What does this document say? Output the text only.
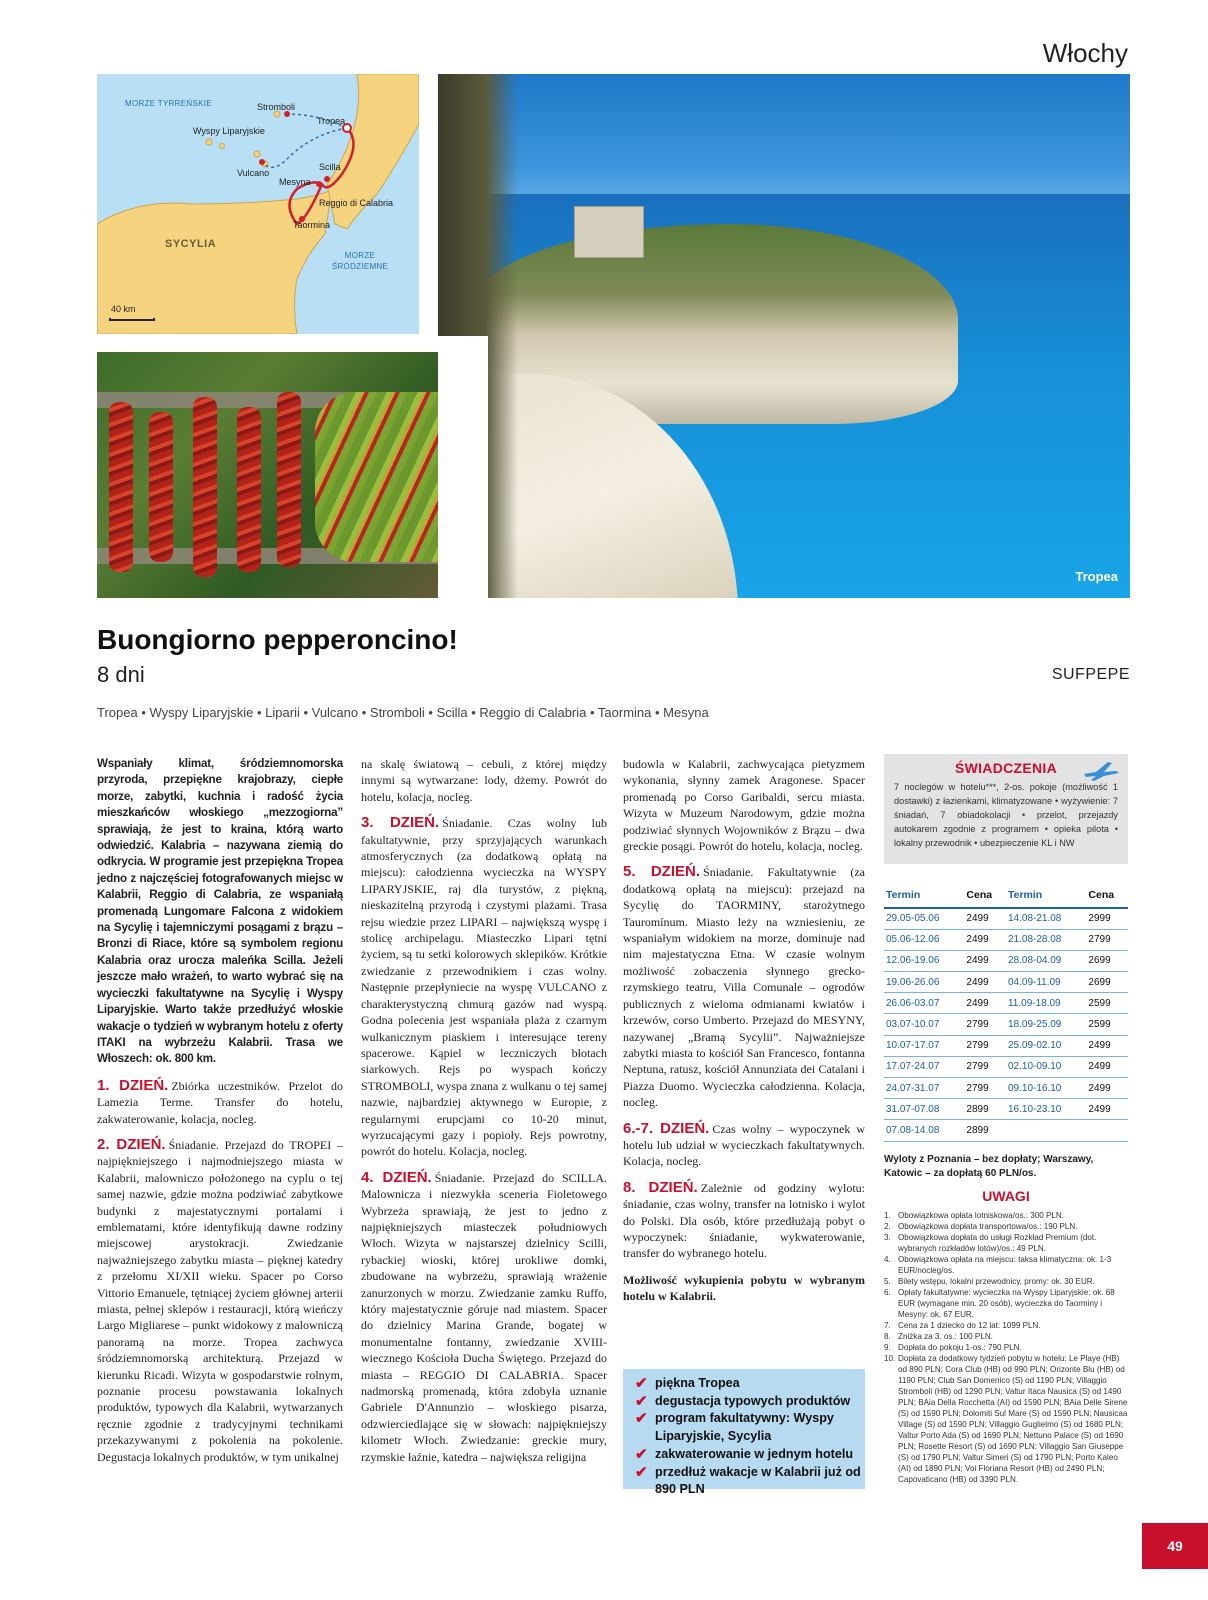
Włochy
MORZE TYRREŃSKIE
MORZE ŚRÓDZIEMNE
SYCYLIA
Stromboli
Tropea
Wyspy Liparyjskie
Vulcano
Scilla
Mesyna
Reggio di Calabria
Taormina
40 km
Tropea
Buongiorno pepperoncino!
8 dni	SUFPEPE
Tropea • Wyspy Liparyjskie • Liparii • Vulcano • Stromboli • Scilla • Reggio di Calabria • Taormina • Mesyna

Wspaniały klimat, śródziemnomorska przyroda, przepiękne krajobrazy, ciepłe morze, zabytki, kuchnia i radość życia mieszkańców włoskiego „mezzogiorna” sprawiają, że jest to kraina, którą warto odwiedzić. Kalabria – nazywana ziemią do odkrycia. W programie jest przepiękna Tropea jedno z najczęściej fotografowanych miejsc w Kalabrii, Reggio di Calabria, ze wspaniałą promenadą Lungomare Falcona z widokiem na Sycylię i tajemniczymi posągami z brązu – Bronzi di Riace, które są symbolem regionu Kalabria oraz urocza maleńka Scilla. Jeżeli jeszcze mało wrażeń, to warto wybrać się na wycieczki fakultatywne na Sycylię i Wyspy Liparyjskie. Warto także przedłużyć włoskie wakacje o tydzień w wybranym hotelu z oferty ITAKI na wybrzeżu Kalabrii. Trasa we Włoszech: ok. 800 km.

1. DZIEŃ. Zbiórka uczestników. Przelot do Lamezia Terme. Transfer do hotelu, zakwaterowanie, kolacja, nocleg.

2. DZIEŃ. Śniadanie. Przejazd do TROPEI – najpiękniejszego i najmodniejszego miasta w Kalabrii, malowniczo położonego na cyplu o tej samej nazwie, gdzie można podziwiać zabytkowe budynki z majestatycznymi portalami i emblematami, które identyfikują dawne rodziny miejscowej arystokracji. Zwiedzanie najważniejszego zabytku miasta – pięknej katedry z przełomu XI/XII wieku. Spacer po Corso Vittorio Emanuele, tętniącej życiem głównej arterii miasta, pełnej sklepów i restauracji, którą wieńczy Largo Migliarese – punkt widokowy z malowniczą panoramą na morze. Tropea zachwyca śródziemnomorską architekturą. Przejazd w kierunku Ricadi. Wizyta w gospodarstwie rolnym, poznanie procesu powstawania lokalnych produktów, typowych dla Kalabrii, wytwarzanych ręcznie zgodnie z tradycyjnymi technikami przekazywanymi z pokolenia na pokolenie. Degustacja lokalnych produktów, w tym unikalnej

na skalę światową – cebuli, z której między innymi są wytwarzane: lody, dżemy. Powrót do hotelu, kolacja, nocleg.

3. DZIEŃ. Śniadanie. Czas wolny lub fakultatywnie, przy sprzyjających warunkach atmosferycznych (za dodatkową opłatą na miejscu): całodzienna wycieczka na WYSPY LIPARYJSKIE, raj dla turystów, z piękną, nieskazitelną przyrodą i czystymi plażami. Trasa rejsu wiedzie przez LIPARI – największą wyspę i stolicę archipelagu. Miasteczko Lipari tętni życiem, są tu setki kolorowych sklepików. Krótkie zwiedzanie z przewodnikiem i czas wolny. Następnie przepłyniecie na wyspę VULCANO z charakterystyczną chmurą gazów nad wyspą. Godna polecenia jest wspaniała plaża z czarnym wulkanicznym piaskiem i interesujące tereny spacerowe. Kąpiel w leczniczych błotach siarkowych. Rejs po wyspach kończy STROMBOLI, wyspa znana z wulkanu o tej samej nazwie, najbardziej aktywnego w Europie, z regularnymi erupcjami co 10-20 minut, wyrzucającymi gazy i popioły. Rejs powrotny, powrót do hotelu. Kolacja, nocleg.

4. DZIEŃ. Śniadanie. Przejazd do SCILLA. Malownicza i niezwykła sceneria Fioletowego Wybrzeża sprawiają, że jest to jedno z najpiękniejszych miasteczek południowych Włoch. Wizyta w najstarszej dzielnicy Scilli, rybackiej wioski, której urokliwe domki, zbudowane na wybrzeżu, sprawiają wrażenie zanurzonych w morzu. Zwiedzanie zamku Ruffo, który majestatycznie góruje nad miastem. Spacer do dzielnicy Marina Grande, bogatej w monumentalne fontanny, zwiedzanie XVIII-wiecznego Kościoła Ducha Świętego. Przejazd do miasta – REGGIO DI CALABRIA. Spacer nadmorską promenadą, która zdobyła uznanie Gabriele D'Annunzio – włoskiego pisarza, odzwierciedlające się w słowach: najpiękniejszy kilometr Włoch. Zwiedzanie: greckie mury, rzymskie łaźnie, katedra – największa religijna

budowla w Kalabrii, zachwycająca pietyzmem wykonania, słynny zamek Aragonese. Spacer promenadą po Corso Garibaldi, sercu miasta. Wizyta w Muzeum Narodowym, gdzie można podziwiać słynnych Wojowników z Brązu – dwa greckie posągi. Powrót do hotelu, kolacja, nocleg.

5. DZIEŃ. Śniadanie. Fakultatywnie (za dodatkową opłatą na miejscu): przejazd na Sycylię do TAORMINY, starożytnego Tauromínum. Miasto leży na wzniesieniu, ze wspaniałym widokiem na morze, dominuje nad nim majestatyczna Etna. W czasie wolnym możliwość zobaczenia słynnego grecko-rzymskiego teatru, Villa Comunale – ogrodów publicznych z wieloma odmianami kwiatów i krzewów, corso Umberto. Przejazd do MESYNY, nazywanej „Bramą Sycylii”. Najważniejsze zabytki miasta to kościół San Francesco, fontanna Neptuna, ratusz, kościół Annunziata dei Catalani i Piazza Duomo. Wycieczka całodzienna. Kolacja, nocleg.

6.-7. DZIEŃ. Czas wolny – wypoczynek w hotelu lub udział w wycieczkach fakultatywnych. Kolacja, nocleg.

8. DZIEŃ. Zależnie od godziny wylotu: śniadanie, czas wolny, transfer na lotnisko i wylot do Polski. Dla osób, które przedłużają pobyt o wypoczynek: śniadanie, wykwaterowanie, transfer do wybranego hotelu.

Możliwość wykupienia pobytu w wybranym hotelu w Kalabrii.

✔ piękna Tropea
✔ degustacja typowych produktów
✔ program fakultatywny: Wyspy Liparyjskie, Sycylia
✔ zakwaterowanie w jednym hotelu
✔ przedłuż wakacje w Kalabrii już od 890 PLN
ŚWIADCZENIA

7 noclegów w hotelu***, 2-os. pokoje (możliwość 1 dostawki) z łazienkami, klimatyzowane • wyżywienie: 7 śniadań, 7 obiadokolacji • przelot, przejazdy autokarem zgodnie z programem • opieka pilota • lokalny przewodnik • ubezpieczenie KL i NW

Termin	Cena	Termin	Cena
29.05-05.06	2499	14.08-21.08	2999
05.06-12.06	2499	21.08-28.08	2799
12.06-19.06	2499	28.08-04.09	2699
19.06-26.06	2499	04.09-11.09	2699
26.06-03.07	2499	11.09-18.09	2599
03.07-10.07	2799	18.09-25.09	2599
10.07-17.07	2799	25.09-02.10	2499
17.07-24.07	2799	02.10-09.10	2499
24.07-31.07	2799	09.10-16.10	2499
31.07-07.08	2899	16.10-23.10	2499
07.08-14.08	2899		
Wyloty z Poznania – bez dopłaty; Warszawy, Katowic – za dopłatą 60 PLN/os.
UWAGI
1. Obowiązkowa opłata lotniskowa/os.: 300 PLN.
2. Obowiązkowa dopłata transportowa/os.: 190 PLN.
3. Obowiązkowa dopłata do usługi Rozkład Premium (dot. wybranych rozkładów lotów)/os.: 49 PLN.
4. Obowiązkowa opłata na miejscu: taksa klimatyczna: ok. 1-3 EUR/nocleg/os.
5. Bilety wstępu, lokalni przewodnicy, promy: ok. 30 EUR.
6. Opłaty fakultatywne: wycieczka na Wyspy Liparyjskie: ok. 68 EUR (wymagane min. 20 osób), wycieczka do Taorminy i Mesyny: ok. 67 EUR.
7. Cena za 1 dziecko do 12 lat: 1099 PLN.
8. Zniżka za 3. os.: 100 PLN.
9. Dopłata do pokoju 1-os.: 790 PLN.
10. Dopłata za dodatkowy tydzień pobytu w hotelu: Le Playe (HB) od 890 PLN; Cora Club (HB) od 990 PLN; Orizonte Blu (HB) od 1190 PLN; Club San Domenico (S) od 1190 PLN; Villaggio Stromboli (HB) od 1290 PLN; Valtur Itaca Nausica (S) od 1490 PLN; BAia Della Rocchetta (AI) od 1590 PLN; BAia Delle Sirene (S) od 1590 PLN; Dolomiti Sul Mare (S) od 1590 PLN; Nausicaa Village (S) od 1590 PLN; Villaggio Guglielmo (S) od 1680 PLN; Valtur Porto Ada (S) od 1690 PLN; Nettuno Palace (S) od 1690 PLN; Rosette Resort (S) od 1690 PLN; Villaggio San Giuseppe (S) od 1790 PLN; Valtur Simeri (S) od 1790 PLN; Porto Kaleo (AI) od 1890 PLN; Voi Floriana Resort (HB) od 2490 PLN; Capovaticano (HB) od 3390 PLN.
49
